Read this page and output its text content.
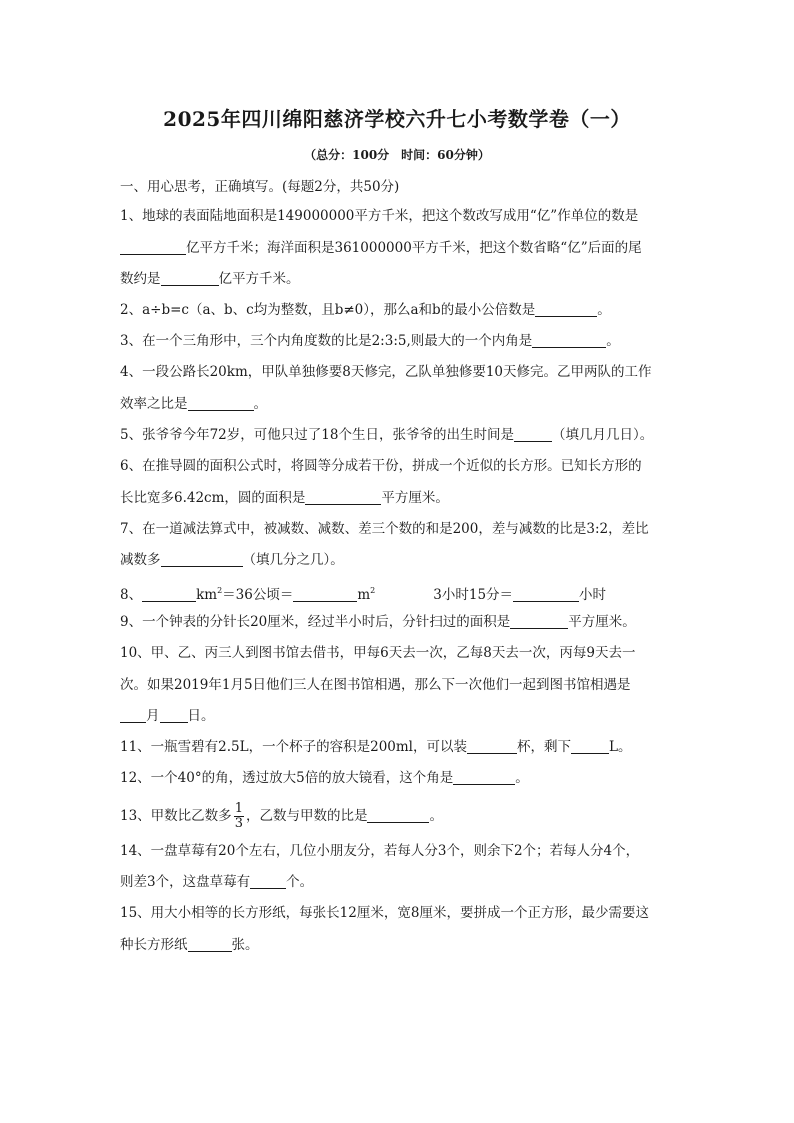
2025年四川绵阳慈济学校六升七小考数学卷（一）
（总分：100分　时间：60分钟）
一、用心思考，正确填写。(每题2分，共50分)
1、地球的表面陆地面积是149000000平方千米，把这个数改写成用“亿”作单位的数是
亿平方千米；海洋面积是361000000平方千米，把这个数省略“亿”后面的尾
数约是	亿平方千米。
2、a÷b=c（a、b、c均为整数，且b≠0），那么a和b的最小公倍数是	。
3、在一个三角形中，三个内角度数的比是2:3:5,则最大的一个内角是	。
4、一段公路长20km，甲队单独修要8天修完，乙队单独修要10天修完。乙甲两队的工作
效率之比是	。
5、张爷爷今年72岁，可他只过了18个生日，张爷爷的出生时间是	（填几月几日）。
6、在推导圆的面积公式时，将圆等分成若干份，拼成一个近似的长方形。已知长方形的
长比宽多6.42cm，圆的面积是	平方厘米。
7、在一道减法算式中，被减数、减数、差三个数的和是200，差与减数的比是3:2，差比
减数多	（填几分之几）。
8、	$km^2=36$公顷＝	$m^2$	3小时15分＝	小时
9、一个钟表的分针长20厘米，经过半小时后，分针扫过的面积是	平方厘米。
10、甲、乙、丙三人到图书馆去借书，甲每6天去一次，乙每8天去一次，丙每9天去一
次。如果2019年1月5日他们三人在图书馆相遇，那么下一次他们一起到图书馆相遇是
月 日。
11、一瓶雪碧有2.5L，一个杯子的容积是200ml，可以装	杯，剩下	L。
12、一个40°的角，透过放大5倍的放大镜看，这个角是	。
13、甲数比乙数多 $\frac{1}{3}$ ，乙数与甲数的比是	。
14、一盘草莓有20个左右，几位小朋友分，若每人分3个，则余下2个；若每人分4个，
则差3个，这盘草莓有	个。
15、用大小相等的长方形纸，每张长12厘米，宽8厘米，要拼成一个正方形，最少需要这
种长方形纸	张。
